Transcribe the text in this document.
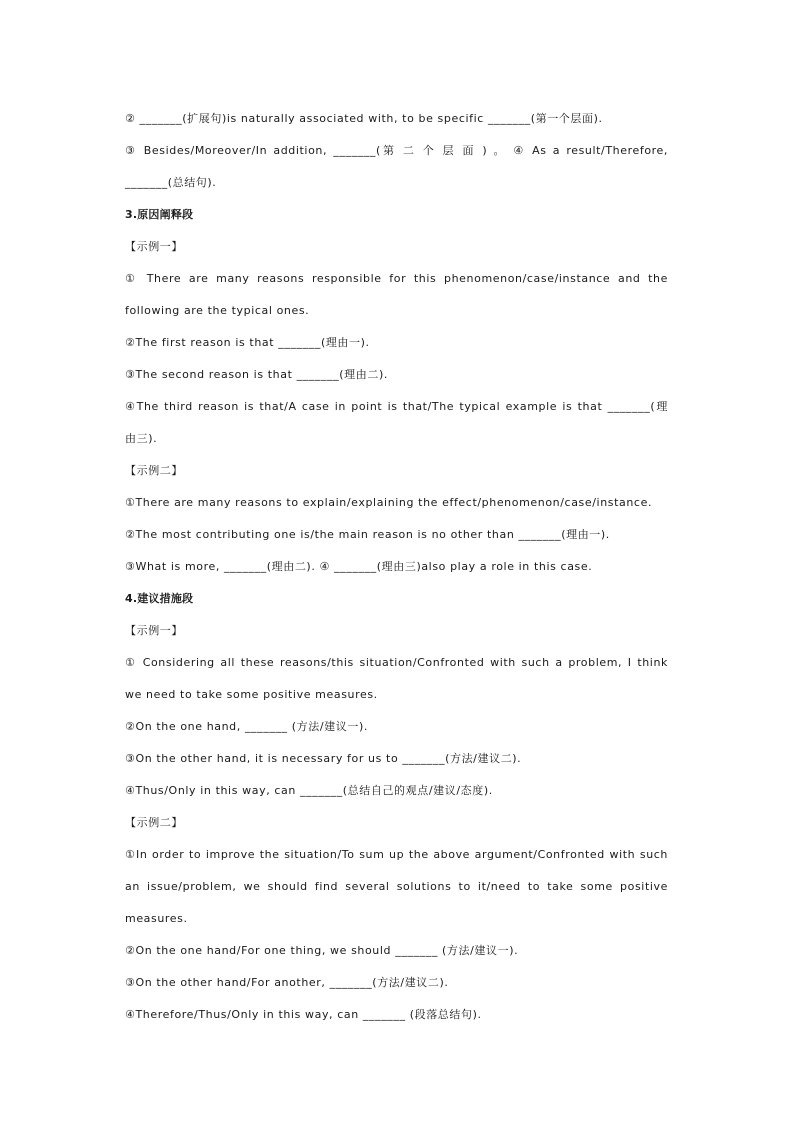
② _______(扩展句)is naturally associated with, to be specific _______(第一个层面).
③ Besides/Moreover/In addition, _______(第 二 个 层 面 ) 。 ④ As a result/Therefore,
_______(总结句).
3.原因阐释段
【示例一】
① There are many reasons responsible for this phenomenon/case/instance and the
following are the typical ones.
②The first reason is that _______(理由一).
③The second reason is that _______(理由二).
④The third reason is that/A case in point is that/The typical example is that _______(理
由三).
【示例二】
①There are many reasons to explain/explaining the effect/phenomenon/case/instance.
②The most contributing one is/the main reason is no other than _______(理由一).
③What is more, _______(理由二). ④ _______(理由三)also play a role in this case.
4.建议措施段
【示例一】
① Considering all these reasons/this situation/Confronted with such a problem, I think
we need to take some positive measures.
②On the one hand, _______ (方法/建议一).
③On the other hand, it is necessary for us to _______(方法/建议二).
④Thus/Only in this way, can _______(总结自己的观点/建议/态度).
【示例二】
①In order to improve the situation/To sum up the above argument/Confronted with such
an issue/problem, we should find several solutions to it/need to take some positive
measures.
②On the one hand/For one thing, we should _______ (方法/建议一).
③On the other hand/For another, _______(方法/建议二).
④Therefore/Thus/Only in this way, can _______ (段落总结句).
